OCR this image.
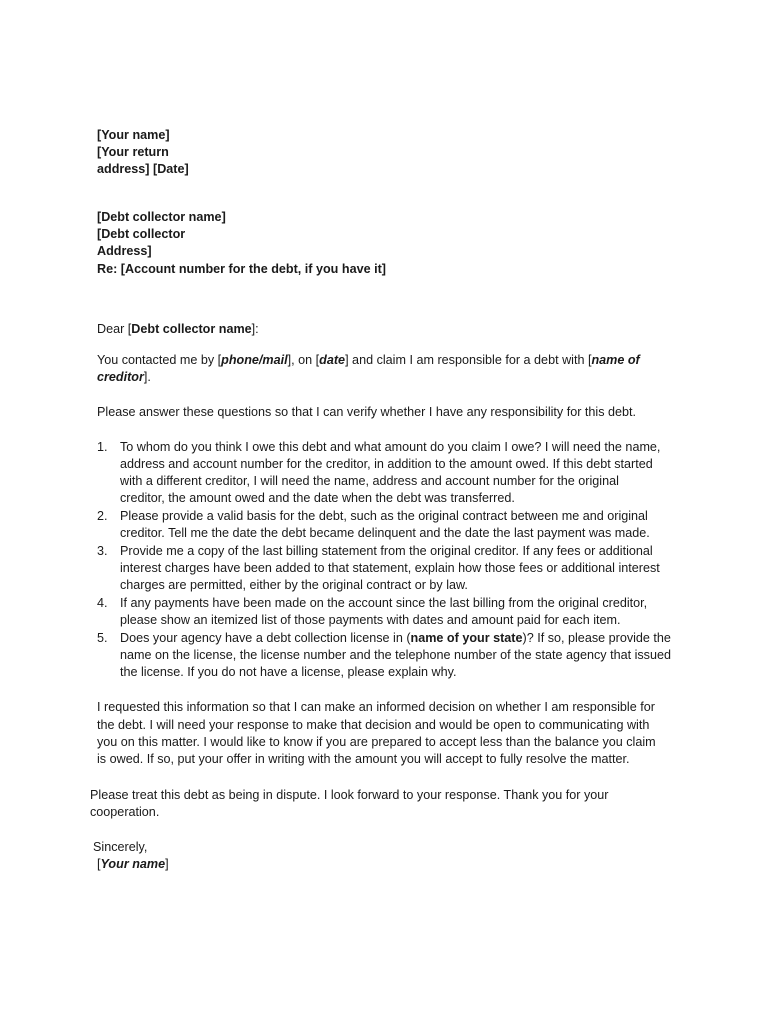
[Your name]
[Your return
address] [Date]
[Debt collector name]
[Debt collector
Address]
Re: [Account number for the debt, if you have it]
Dear [Debt collector name]:
You contacted me by [phone/mail], on [date] and claim I am responsible for a debt with [name of
creditor].
Please answer these questions so that I can verify whether I have any responsibility for this debt.
1. To whom do you think I owe this debt and what amount do you claim I owe? I will need the name,
address and account number for the creditor, in addition to the amount owed. If this debt started
with a different creditor, I will need the name, address and account number for the original
creditor, the amount owed and the date when the debt was transferred.
2. Please provide a valid basis for the debt, such as the original contract between me and original
creditor. Tell me the date the debt became delinquent and the date the last payment was made.
3. Provide me a copy of the last billing statement from the original creditor. If any fees or additional
interest charges have been added to that statement, explain how those fees or additional interest
charges are permitted, either by the original contract or by law.
4. If any payments have been made on the account since the last billing from the original creditor,
please show an itemized list of those payments with dates and amount paid for each item.
5. Does your agency have a debt collection license in (name of your state)? If so, please provide the
name on the license, the license number and the telephone number of the state agency that issued
the license. If you do not have a license, please explain why.
I requested this information so that I can make an informed decision on whether I am responsible for
the debt. I will need your response to make that decision and would be open to communicating with
you on this matter. I would like to know if you are prepared to accept less than the balance you claim
is owed. If so, put your offer in writing with the amount you will accept to fully resolve the matter.
Please treat this debt as being in dispute. I look forward to your response. Thank you for your
cooperation.
Sincerely,
[Your name]
